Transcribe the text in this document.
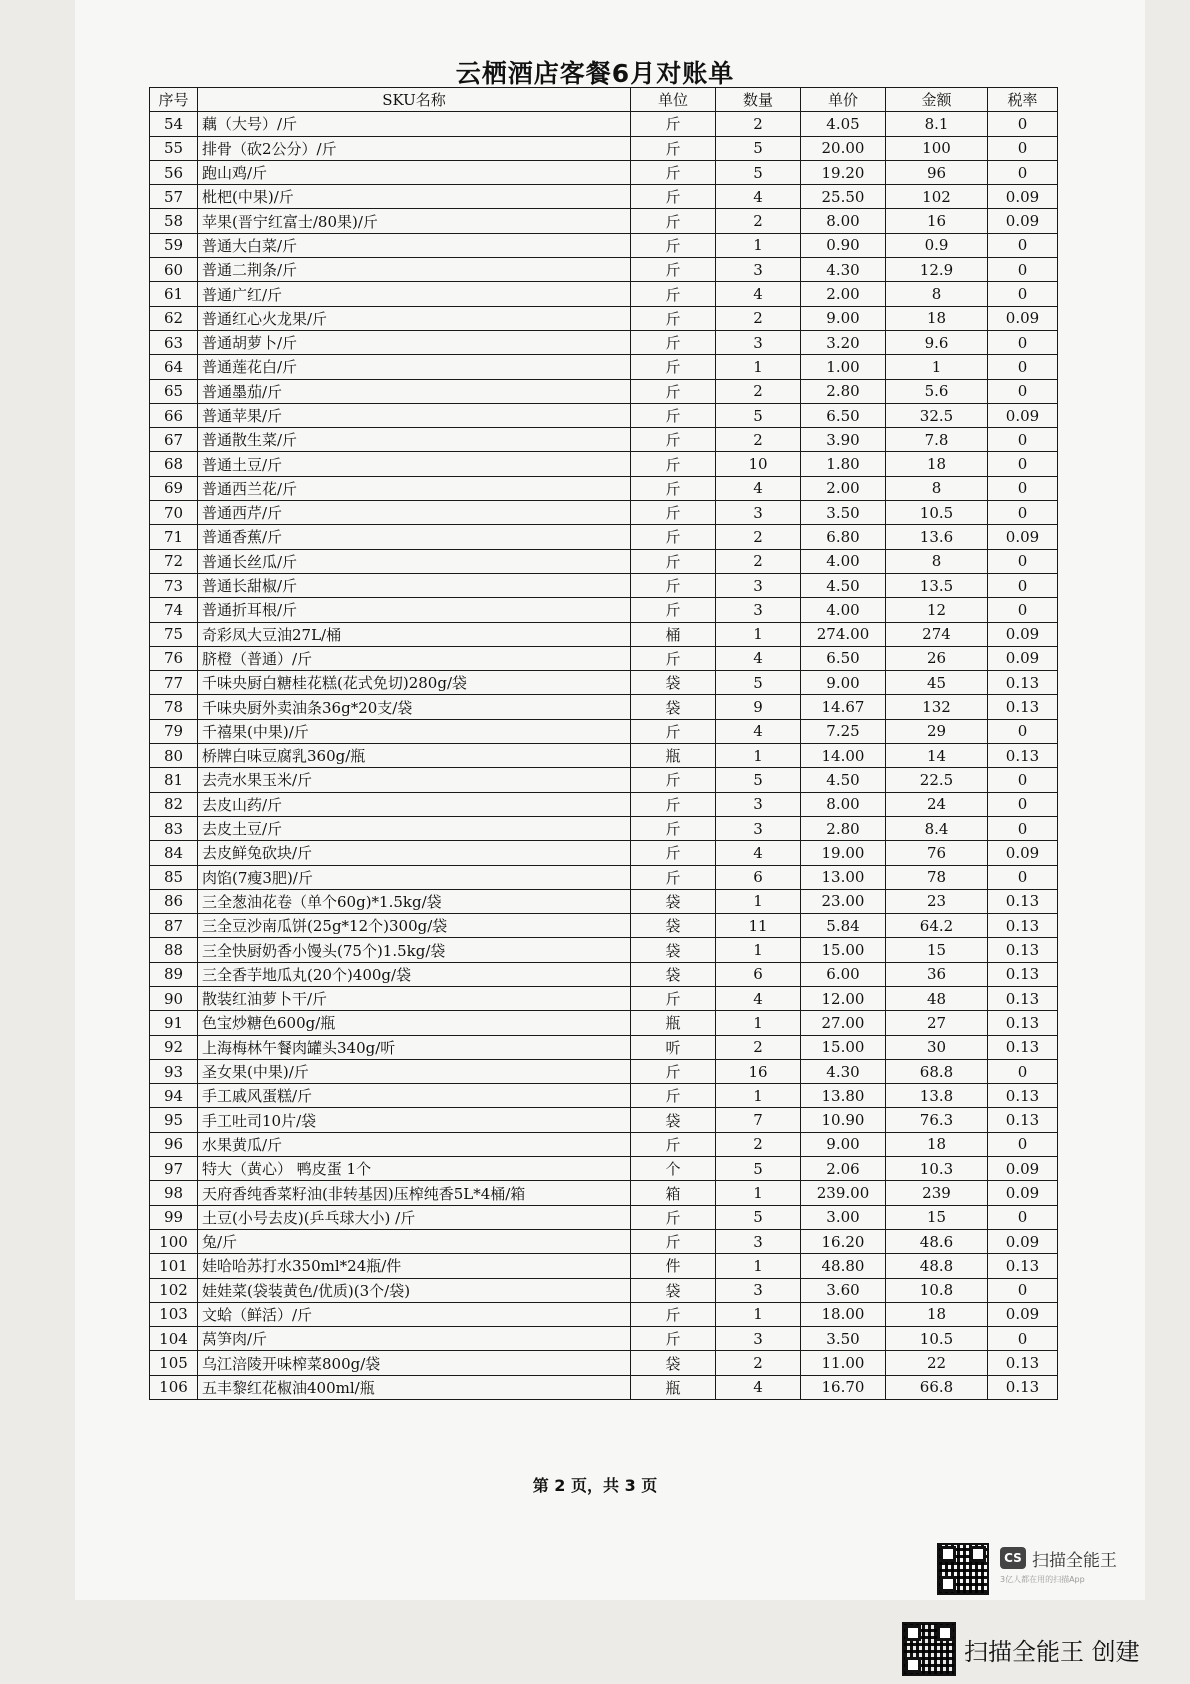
云栖酒店客餐6月对账单
序号	SKU名称	单位	数量	单价	金额	税率
54	藕（大号）/斤	斤	2	4.05	8.1	0
55	排骨（砍2公分）/斤	斤	5	20.00	100	0
56	跑山鸡/斤	斤	5	19.20	96	0
57	枇杷(中果)/斤	斤	4	25.50	102	0.09
58	苹果(晋宁红富士/80果)/斤	斤	2	8.00	16	0.09
59	普通大白菜/斤	斤	1	0.90	0.9	0
60	普通二荆条/斤	斤	3	4.30	12.9	0
61	普通广红/斤	斤	4	2.00	8	0
62	普通红心火龙果/斤	斤	2	9.00	18	0.09
63	普通胡萝卜/斤	斤	3	3.20	9.6	0
64	普通莲花白/斤	斤	1	1.00	1	0
65	普通墨茄/斤	斤	2	2.80	5.6	0
66	普通苹果/斤	斤	5	6.50	32.5	0.09
67	普通散生菜/斤	斤	2	3.90	7.8	0
68	普通土豆/斤	斤	10	1.80	18	0
69	普通西兰花/斤	斤	4	2.00	8	0
70	普通西芹/斤	斤	3	3.50	10.5	0
71	普通香蕉/斤	斤	2	6.80	13.6	0.09
72	普通长丝瓜/斤	斤	2	4.00	8	0
73	普通长甜椒/斤	斤	3	4.50	13.5	0
74	普通折耳根/斤	斤	3	4.00	12	0
75	奇彩凤大豆油27L/桶	桶	1	274.00	274	0.09
76	脐橙（普通）/斤	斤	4	6.50	26	0.09
77	千味央厨白糖桂花糕(花式免切)280g/袋	袋	5	9.00	45	0.13
78	千味央厨外卖油条36g*20支/袋	袋	9	14.67	132	0.13
79	千禧果(中果)/斤	斤	4	7.25	29	0
80	桥牌白味豆腐乳360g/瓶	瓶	1	14.00	14	0.13
81	去壳水果玉米/斤	斤	5	4.50	22.5	0
82	去皮山药/斤	斤	3	8.00	24	0
83	去皮土豆/斤	斤	3	2.80	8.4	0
84	去皮鲜兔砍块/斤	斤	4	19.00	76	0.09
85	肉馅(7瘦3肥)/斤	斤	6	13.00	78	0
86	三全葱油花卷（单个60g)*1.5kg/袋	袋	1	23.00	23	0.13
87	三全豆沙南瓜饼(25g*12个)300g/袋	袋	11	5.84	64.2	0.13
88	三全快厨奶香小馒头(75个)1.5kg/袋	袋	1	15.00	15	0.13
89	三全香芋地瓜丸(20个)400g/袋	袋	6	6.00	36	0.13
90	散装红油萝卜干/斤	斤	4	12.00	48	0.13
91	色宝炒糖色600g/瓶	瓶	1	27.00	27	0.13
92	上海梅林午餐肉罐头340g/听	听	2	15.00	30	0.13
93	圣女果(中果)/斤	斤	16	4.30	68.8	0
94	手工戚风蛋糕/斤	斤	1	13.80	13.8	0.13
95	手工吐司10片/袋	袋	7	10.90	76.3	0.13
96	水果黄瓜/斤	斤	2	9.00	18	0
97	特大（黄心） 鸭皮蛋 1个	个	5	2.06	10.3	0.09
98	天府香纯香菜籽油(非转基因)压榨纯香5L*4桶/箱	箱	1	239.00	239	0.09
99	土豆(小号去皮)(乒乓球大小) /斤	斤	5	3.00	15	0
100	兔/斤	斤	3	16.20	48.6	0.09
101	娃哈哈苏打水350ml*24瓶/件	件	1	48.80	48.8	0.13
102	娃娃菜(袋装黄色/优质)(3个/袋)	袋	3	3.60	10.8	0
103	文蛤（鲜活）/斤	斤	1	18.00	18	0.09
104	莴笋肉/斤	斤	3	3.50	10.5	0
105	乌江涪陵开味榨菜800g/袋	袋	2	11.00	22	0.13
106	五丰黎红花椒油400ml/瓶	瓶	4	16.70	66.8	0.13
第 2 页，共 3 页
CS 扫描全能王
3亿人都在用的扫描App
扫描全能王 创建
